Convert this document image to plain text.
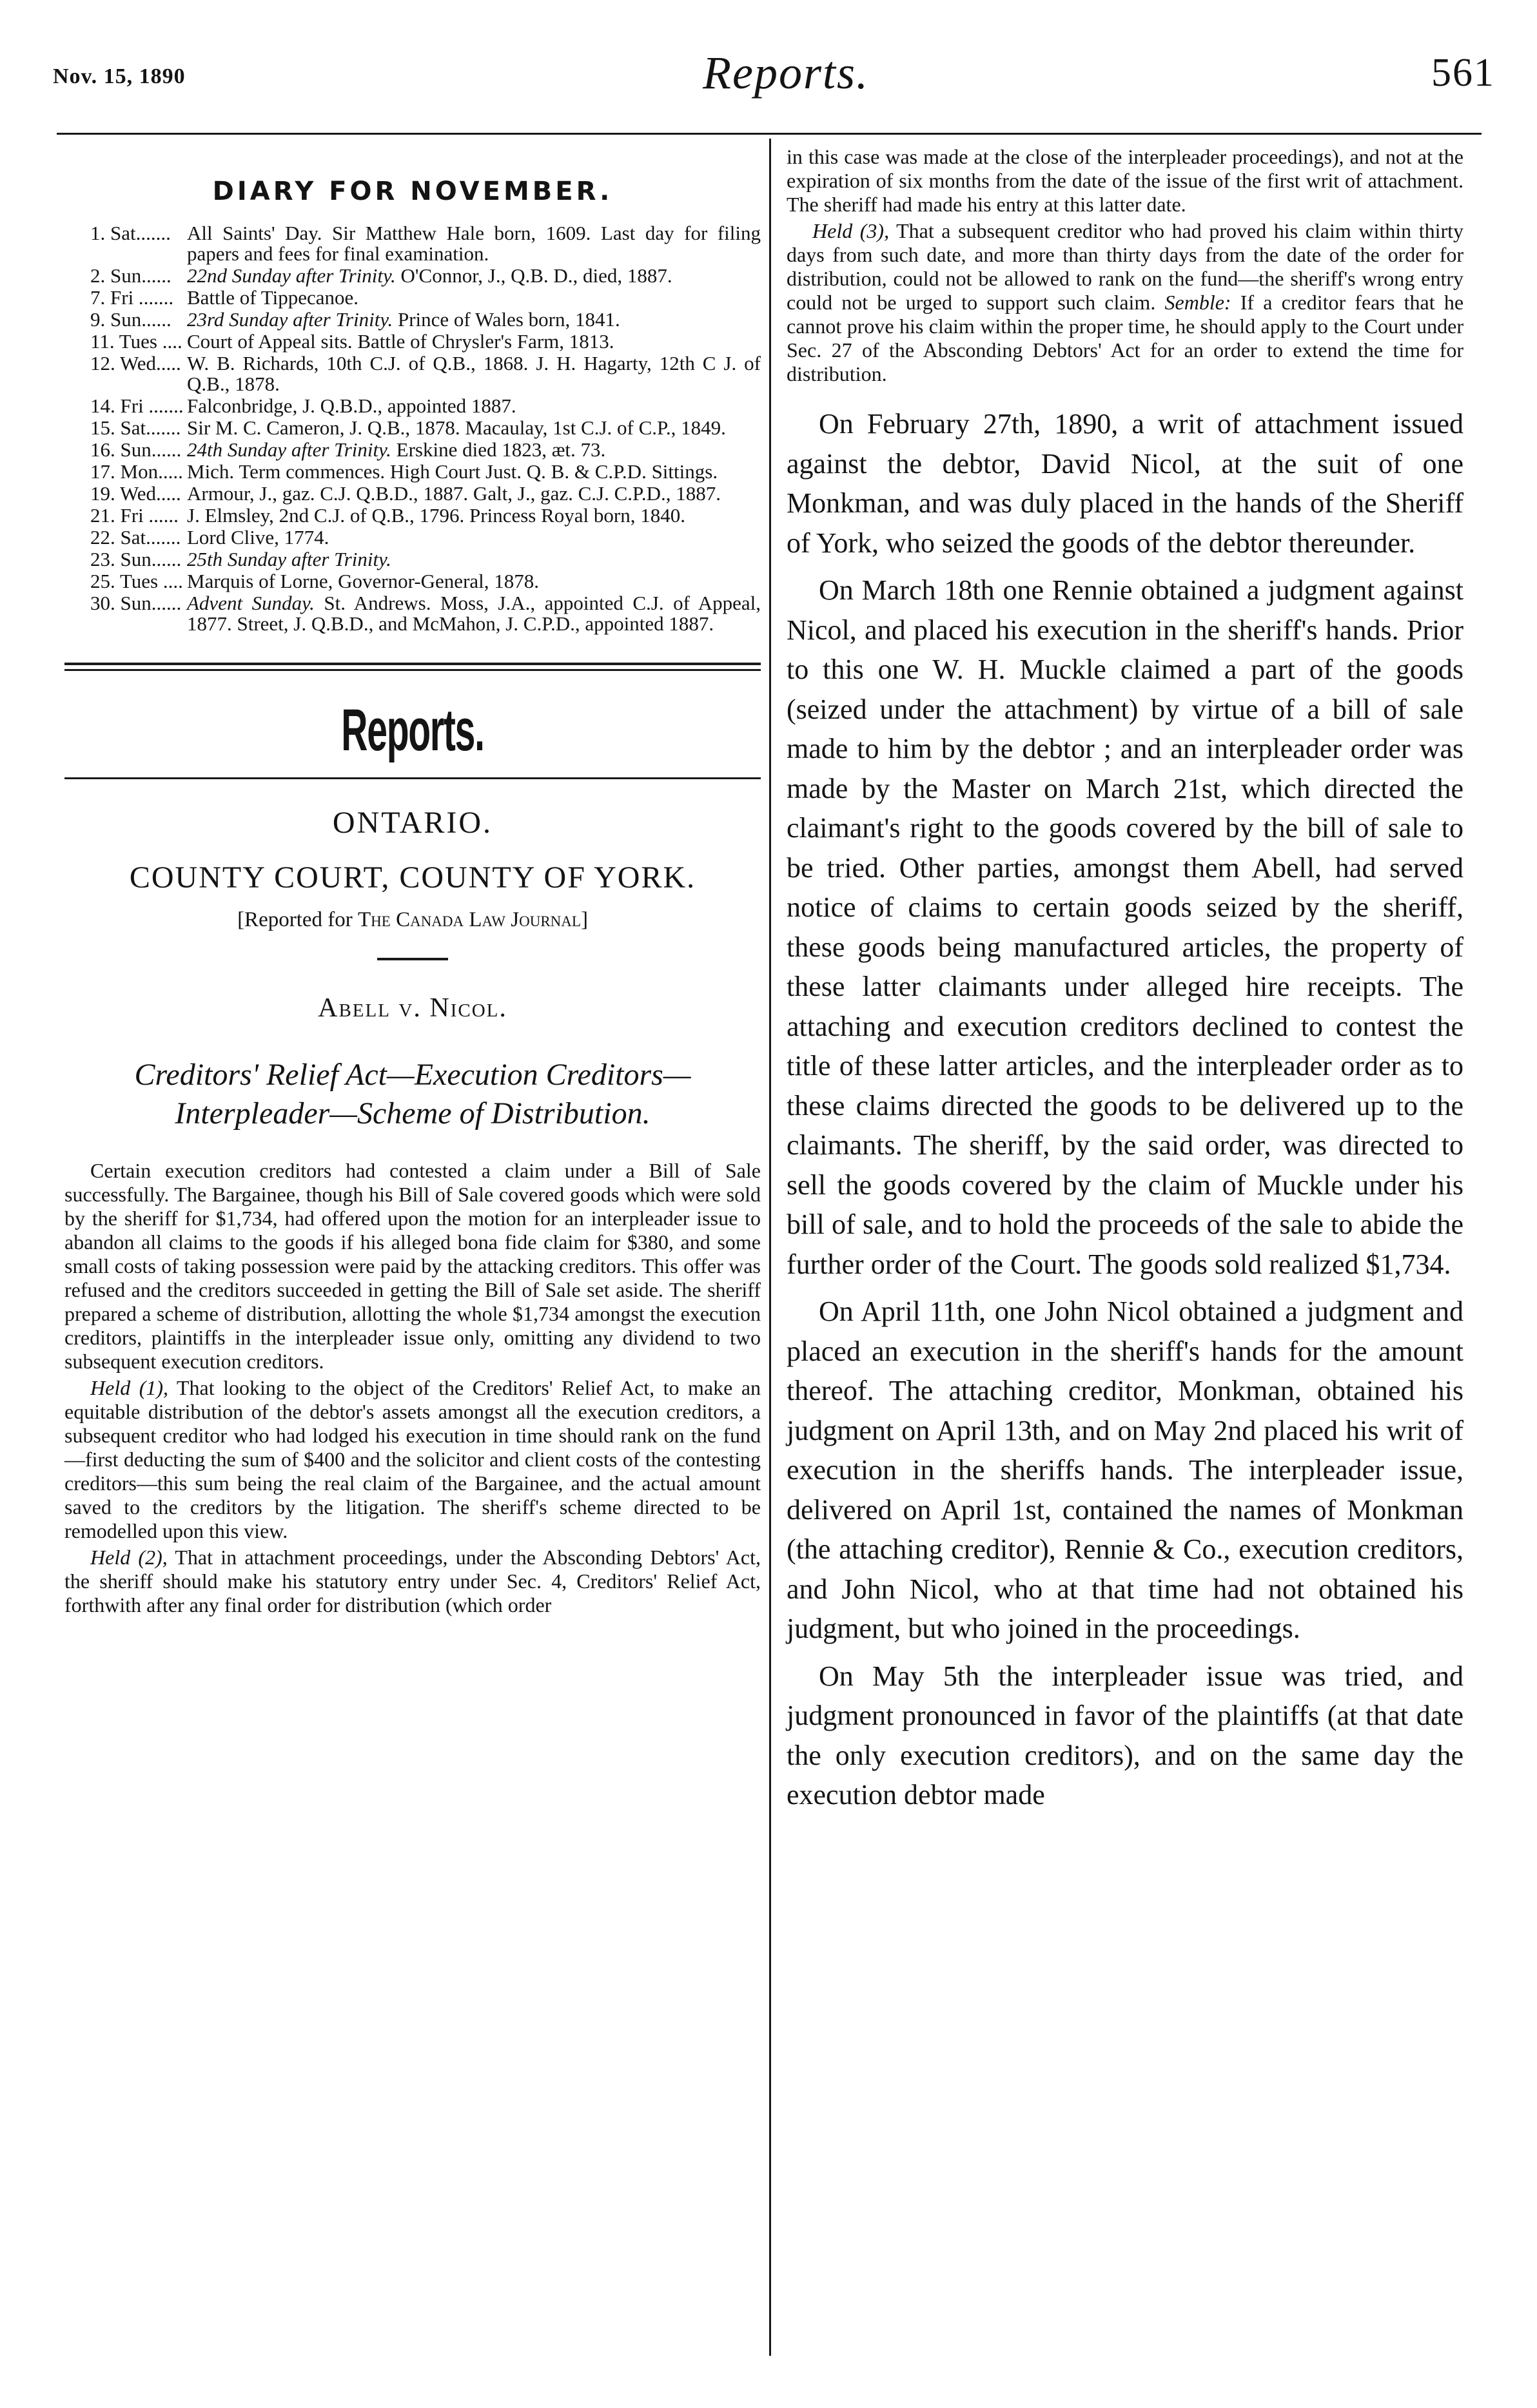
Nov. 15, 1890	Reports.	561
DIARY FOR NOVEMBER.
1. Sat....... All Saints' Day. Sir Matthew Hale born, 1609. Last day for filing papers and fees for final examination.
2. Sun...... 22nd Sunday after Trinity. O'Connor, J., Q.B. D., died, 1887.
7. Fri ....... Battle of Tippecanoe.
9. Sun...... 23rd Sunday after Trinity. Prince of Wales born, 1841.
11. Tues .... Court of Appeal sits. Battle of Chrysler's Farm, 1813.
12. Wed..... W. B. Richards, 10th C.J. of Q.B., 1868. J. H. Hagarty, 12th C J. of Q.B., 1878.
14. Fri ....... Falconbridge, J. Q.B.D., appointed 1887.
15. Sat....... Sir M. C. Cameron, J. Q.B., 1878. Macaulay, 1st C.J. of C.P., 1849.
16. Sun...... 24th Sunday after Trinity. Erskine died 1823, æt. 73.
17. Mon..... Mich. Term commences. High Court Just. Q. B. & C.P.D. Sittings.
19. Wed..... Armour, J., gaz. C.J. Q.B.D., 1887. Galt, J., gaz. C.J. C.P.D., 1887.
21. Fri ...... J. Elmsley, 2nd C.J. of Q.B., 1796. Princess Royal born, 1840.
22. Sat....... Lord Clive, 1774.
23. Sun...... 25th Sunday after Trinity.
25. Tues .... Marquis of Lorne, Governor-General, 1878.
30. Sun...... Advent Sunday. St. Andrews. Moss, J.A., appointed C.J. of Appeal, 1877. Street, J. Q.B.D., and McMahon, J. C.P.D., appointed 1887.
Reports.
ONTARIO.
COUNTY COURT, COUNTY OF YORK.
[Reported for The Canada Law Journal]
Abell v. Nicol.
Creditors' Relief Act—Execution Creditors—Interpleader—Scheme of Distribution.

Certain execution creditors had contested a claim under a Bill of Sale successfully. The Bargainee, though his Bill of Sale covered goods which were sold by the sheriff for $1,734, had offered upon the motion for an interpleader issue to abandon all claims to the goods if his alleged bona fide claim for $380, and some small costs of taking possession were paid by the attacking creditors. This offer was refused and the creditors succeeded in getting the Bill of Sale set aside. The sheriff prepared a scheme of distribution, allotting the whole $1,734 amongst the execution creditors, plaintiffs in the interpleader issue only, omitting any dividend to two subsequent execution creditors.

Held (1), That looking to the object of the Creditors' Relief Act, to make an equitable distribution of the debtor's assets amongst all the execution creditors, a subsequent creditor who had lodged his execution in time should rank on the fund—first deducting the sum of $400 and the solicitor and client costs of the contesting creditors—this sum being the real claim of the Bargainee, and the actual amount saved to the creditors by the litigation. The sheriff's scheme directed to be remodelled upon this view.

Held (2), That in attachment proceedings, under the Absconding Debtors' Act, the sheriff should make his statutory entry under Sec. 4, Creditors' Relief Act, forthwith after any final order for distribution (which order

in this case was made at the close of the interpleader proceedings), and not at the expiration of six months from the date of the issue of the first writ of attachment. The sheriff had made his entry at this latter date.

Held (3), That a subsequent creditor who had proved his claim within thirty days from such date, and more than thirty days from the date of the order for distribution, could not be allowed to rank on the fund—the sheriff's wrong entry could not be urged to support such claim. Semble: If a creditor fears that he cannot prove his claim within the proper time, he should apply to the Court under Sec. 27 of the Absconding Debtors' Act for an order to extend the time for distribution.

On February 27th, 1890, a writ of attachment issued against the debtor, David Nicol, at the suit of one Monkman, and was duly placed in the hands of the Sheriff of York, who seized the goods of the debtor thereunder.

On March 18th one Rennie obtained a judgment against Nicol, and placed his execution in the sheriff's hands. Prior to this one W. H. Muckle claimed a part of the goods (seized under the attachment) by virtue of a bill of sale made to him by the debtor ; and an interpleader order was made by the Master on March 21st, which directed the claimant's right to the goods covered by the bill of sale to be tried. Other parties, amongst them Abell, had served notice of claims to certain goods seized by the sheriff, these goods being manufactured articles, the property of these latter claimants under alleged hire receipts. The attaching and execution creditors declined to contest the title of these latter articles, and the interpleader order as to these claims directed the goods to be delivered up to the claimants. The sheriff, by the said order, was directed to sell the goods covered by the claim of Muckle under his bill of sale, and to hold the proceeds of the sale to abide the further order of the Court. The goods sold realized $1,734.

On April 11th, one John Nicol obtained a judgment and placed an execution in the sheriff's hands for the amount thereof. The attaching creditor, Monkman, obtained his judgment on April 13th, and on May 2nd placed his writ of execution in the sheriffs hands. The interpleader issue, delivered on April 1st, contained the names of Monkman (the attaching creditor), Rennie & Co., execution creditors, and John Nicol, who at that time had not obtained his judgment, but who joined in the proceedings.

On May 5th the interpleader issue was tried, and judgment pronounced in favor of the plaintiffs (at that date the only execution creditors), and on the same day the execution debtor made
